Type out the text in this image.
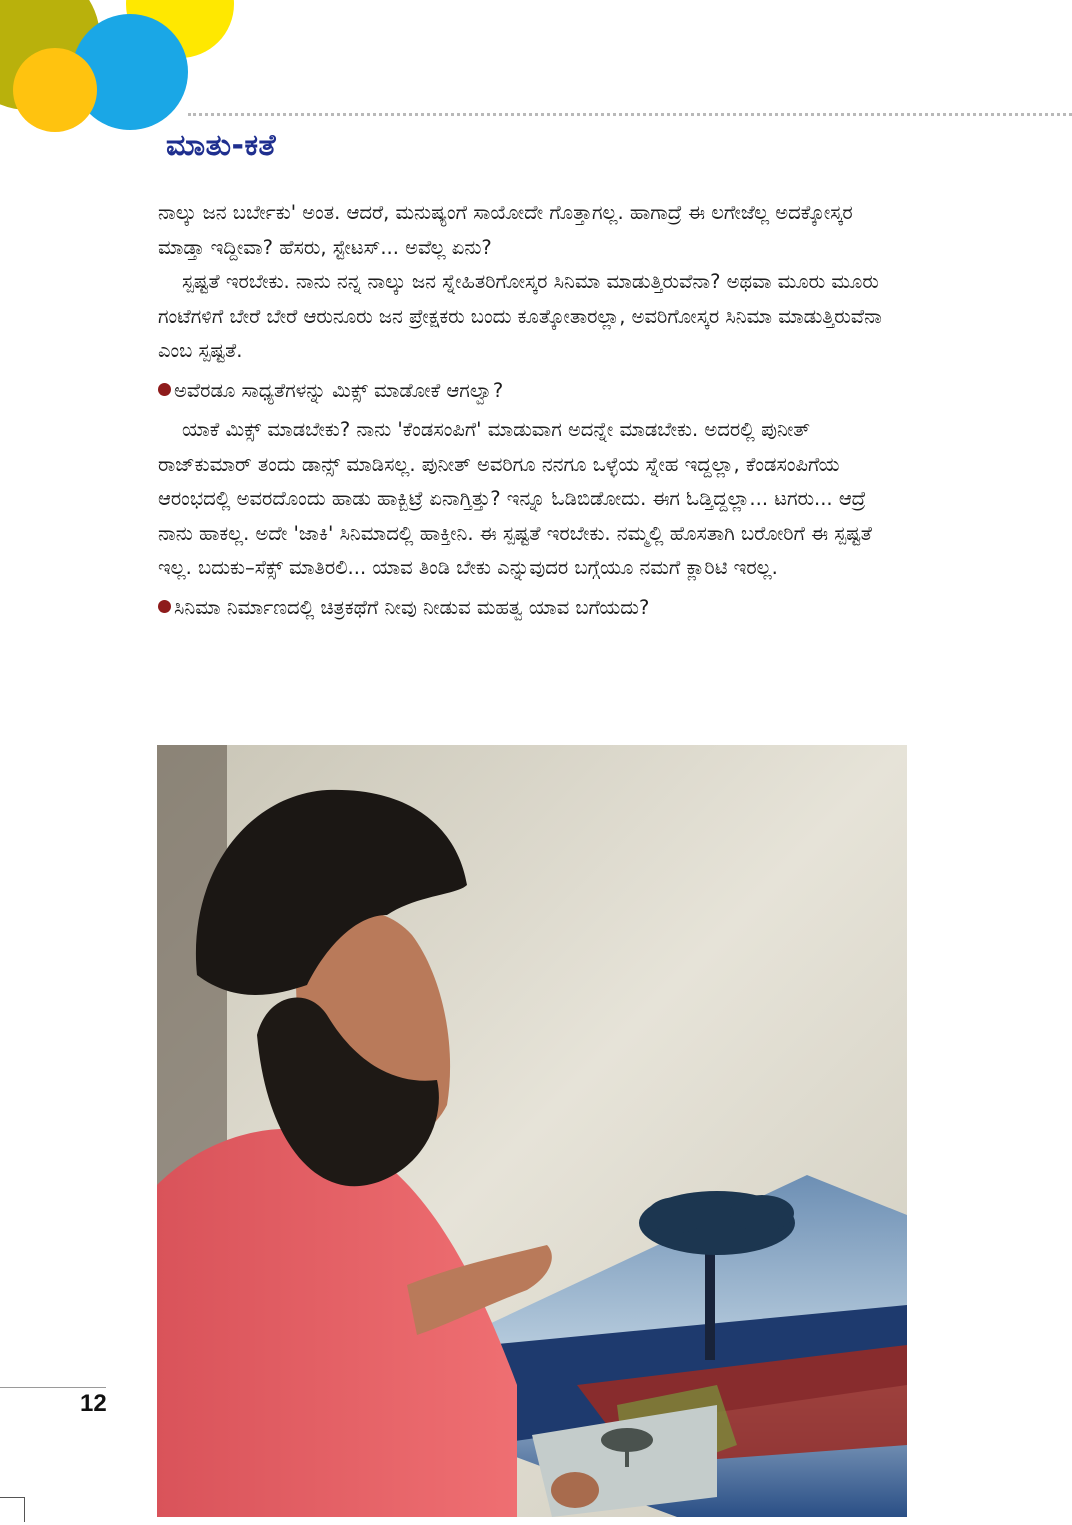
ಮಾತು-ಕತೆ

ನಾಲ್ಕು ಜನ ಬರ್ಬೇಕು' ಅಂತ. ಆದರೆ, ಮನುಷ್ಯಂಗೆ ಸಾಯೋದೇ ಗೊತ್ತಾಗಲ್ಲ. ಹಾಗಾದ್ರೆ ಈ ಲಗೇಜೆಲ್ಲ ಅದಕ್ಕೋಸ್ಕರ ಮಾಡ್ತಾ ಇದ್ದೀವಾ? ಹೆಸರು, ಸ್ಟೇಟಸ್... ಅವೆಲ್ಲ ಏನು?

ಸ್ಪಷ್ಟತೆ ಇರಬೇಕು. ನಾನು ನನ್ನ ನಾಲ್ಕು ಜನ ಸ್ನೇಹಿತರಿಗೋಸ್ಕರ ಸಿನಿಮಾ ಮಾಡುತ್ತಿರುವೆನಾ? ಅಥವಾ ಮೂರು ಮೂರು ಗಂಟೆಗಳಿಗೆ ಬೇರೆ ಬೇರೆ ಆರುನೂರು ಜನ ಪ್ರೇಕ್ಷಕರು ಬಂದು ಕೂತ್ಕೋತಾರಲ್ಲಾ, ಅವರಿಗೋಸ್ಕರ ಸಿನಿಮಾ ಮಾಡುತ್ತಿರುವೆನಾ ಎಂಬ ಸ್ಪಷ್ಟತೆ.

ಅವೆರಡೂ ಸಾಧ್ಯತೆಗಳನ್ನು ಮಿಕ್ಸ್ ಮಾಡೋಕೆ ಆಗಲ್ವಾ?

ಯಾಕೆ ಮಿಕ್ಸ್ ಮಾಡಬೇಕು? ನಾನು 'ಕೆಂಡಸಂಪಿಗೆ' ಮಾಡುವಾಗ ಅದನ್ನೇ ಮಾಡಬೇಕು. ಅದರಲ್ಲಿ ಪುನೀತ್ ರಾಜ್‌ಕುಮಾರ್ ತಂದು ಡಾನ್ಸ್ ಮಾಡಿಸಲ್ಲ. ಪುನೀತ್ ಅವರಿಗೂ ನನಗೂ ಒಳ್ಳೆಯ ಸ್ನೇಹ ಇದ್ದಲ್ಲಾ, ಕೆಂಡಸಂಪಿಗೆಯ ಆರಂಭದಲ್ಲಿ ಅವರದೊಂದು ಹಾಡು ಹಾಕ್ಬಿಟ್ರೆ ಏನಾಗ್ತಿತ್ತು? ಇನ್ನೂ ಓಡಿಬಿಡೋದು. ಈಗ ಓಡ್ತಿದ್ದಲ್ಲಾ... ಟಗರು... ಆದ್ರೆ ನಾನು ಹಾಕಲ್ಲ. ಅದೇ 'ಜಾಕಿ' ಸಿನಿಮಾದಲ್ಲಿ ಹಾಕ್ತೀನಿ. ಈ ಸ್ಪಷ್ಟತೆ ಇರಬೇಕು. ನಮ್ಮಲ್ಲಿ ಹೊಸತಾಗಿ ಬರೋರಿಗೆ ಈ ಸ್ಪಷ್ಟತೆ ಇಲ್ಲ. ಬದುಕು–ಸೆಕ್ಸ್ ಮಾತಿರಲಿ... ಯಾವ ತಿಂಡಿ ಬೇಕು ಎನ್ನುವುದರ ಬಗ್ಗೆಯೂ ನಮಗೆ ಕ್ಲಾರಿಟಿ ಇರಲ್ಲ.

ಸಿನಿಮಾ ನಿರ್ಮಾಣದಲ್ಲಿ ಚಿತ್ರಕಥೆಗೆ ನೀವು ನೀಡುವ ಮಹತ್ವ ಯಾವ ಬಗೆಯದು?

12
